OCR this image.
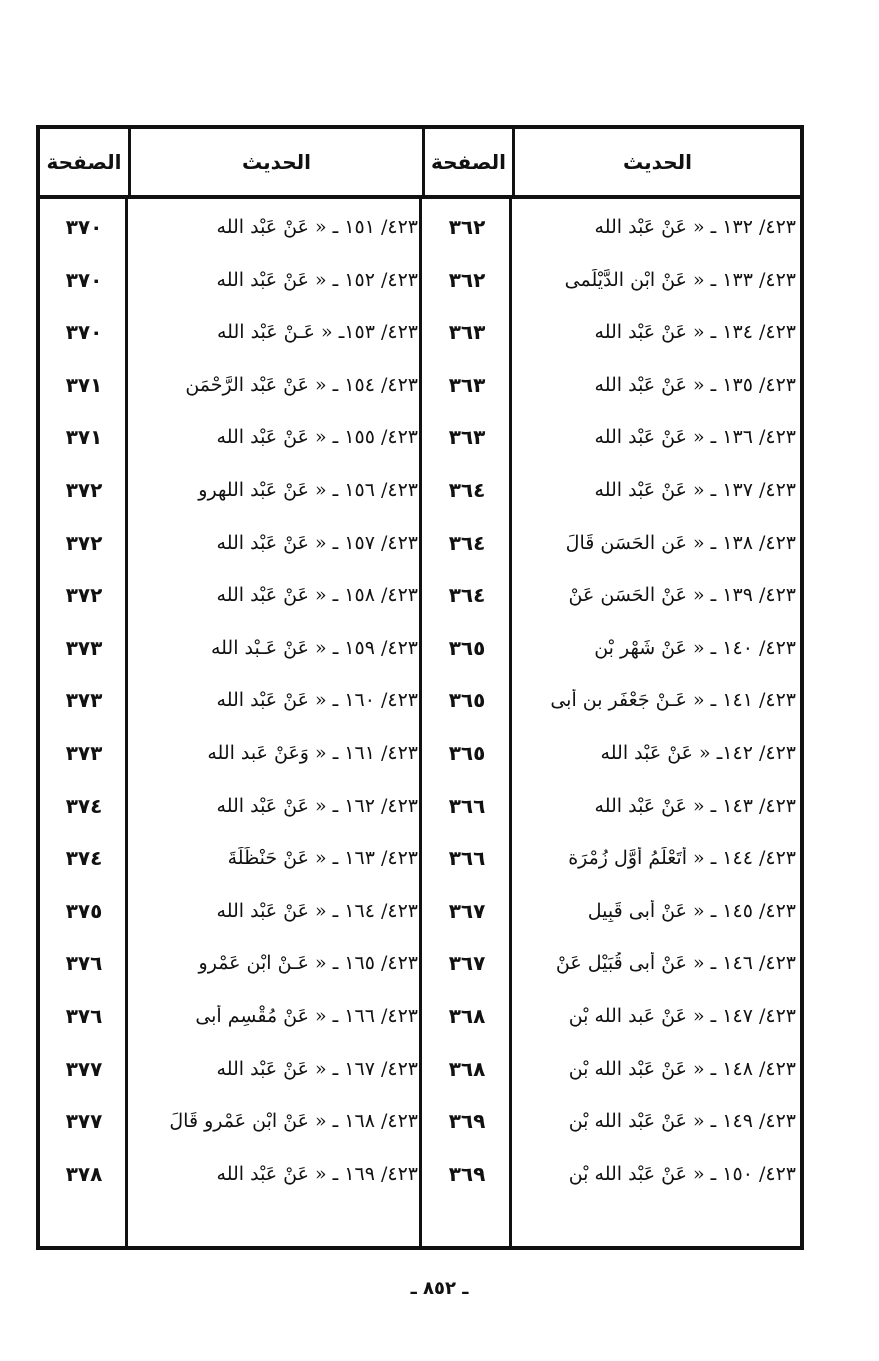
الحديث
الصفحة
الحديث
الصفحة
٤٢٣/ ١٣٢ ـ « عَنْ عَبْد الله
٣٦٢
٤٢٣/ ١٥١ ـ « عَنْ عَبْد الله
٣٧٠
٤٢٣/ ١٣٣ ـ « عَنْ ابْن الدَّيْلَمى
٣٦٢
٤٢٣/ ١٥٢ ـ « عَنْ عَبْد الله
٣٧٠
٤٢٣/ ١٣٤ ـ « عَنْ عَبْد الله
٣٦٣
٤٢٣/ ١٥٣ـ « عَـنْ عَبْد الله
٣٧٠
٤٢٣/ ١٣٥ ـ « عَنْ عَبْد الله
٣٦٣
٤٢٣/ ١٥٤ ـ « عَنْ عَبْد الرَّحْمَن
٣٧١
٤٢٣/ ١٣٦ ـ « عَنْ عَبْد الله
٣٦٣
٤٢٣/ ١٥٥ ـ « عَنْ عَبْد الله
٣٧١
٤٢٣/ ١٣٧ ـ « عَنْ عَبْد الله
٣٦٤
٤٢٣/ ١٥٦ ـ « عَنْ عَبْد اللهرو
٣٧٢
٤٢٣/ ١٣٨ ـ « عَنِ الحَسَنِ قَالَ
٣٦٤
٤٢٣/ ١٥٧ ـ « عَنْ عَبْد الله
٣٧٢
٤٢٣/ ١٣٩ ـ « عَنْ الحَسَن عَنْ
٣٦٤
٤٢٣/ ١٥٨ ـ « عَنْ عَبْد الله
٣٧٢
٤٢٣/ ١٤٠ ـ « عَنْ شَهْر بْن
٣٦٥
٤٢٣/ ١٥٩ ـ « عَنْ عَـبْد الله
٣٧٣
٤٢٣/ ١٤١ ـ « عَـنْ جَعْفَر بن أَبى
٣٦٥
٤٢٣/ ١٦٠ ـ « عَنْ عَبْد الله
٣٧٣
٤٢٣/ ١٤٢ـ « عَنْ عَبْد الله
٣٦٥
٤٢٣/ ١٦١ ـ « وَعَنْ عَبد الله
٣٧٣
٤٢٣/ ١٤٣ ـ « عَنْ عَبْد الله
٣٦٦
٤٢٣/ ١٦٢ ـ « عَنْ عَبْد الله
٣٧٤
٤٢٣/ ١٤٤ ـ « أَتَعْلَمُ أَوَّل زُمْرَة
٣٦٦
٤٢٣/ ١٦٣ ـ « عَنْ حَنْظَلَةَ
٣٧٤
٤٢٣/ ١٤٥ ـ « عَنْ أَبى قَبِيل
٣٦٧
٤٢٣/ ١٦٤ ـ « عَنْ عَبْد الله
٣٧٥
٤٢٣/ ١٤٦ ـ « عَنْ أَبى قُبَيْل عَنْ
٣٦٧
٤٢٣/ ١٦٥ ـ « عَـنْ ابْن عَمْرو
٣٧٦
٤٢٣/ ١٤٧ ـ « عَنْ عَبد الله بْن
٣٦٨
٤٢٣/ ١٦٦ ـ « عَنْ مُقْسِم أَبى
٣٧٦
٤٢٣/ ١٤٨ ـ « عَنْ عَبْد الله بْن
٣٦٨
٤٢٣/ ١٦٧ ـ « عَنْ عَبْد الله
٣٧٧
٤٢٣/ ١٤٩ ـ « عَنْ عَبْد الله بْن
٣٦٩
٤٢٣/ ١٦٨ ـ « عَنْ ابْن عَمْرو قَالَ
٣٧٧
٤٢٣/ ١٥٠ ـ « عَنْ عَبْد الله بْن
٣٦٩
٤٢٣/ ١٦٩ ـ « عَنْ عَبْد الله
٣٧٨
ـ ٨٥٢ ـ
